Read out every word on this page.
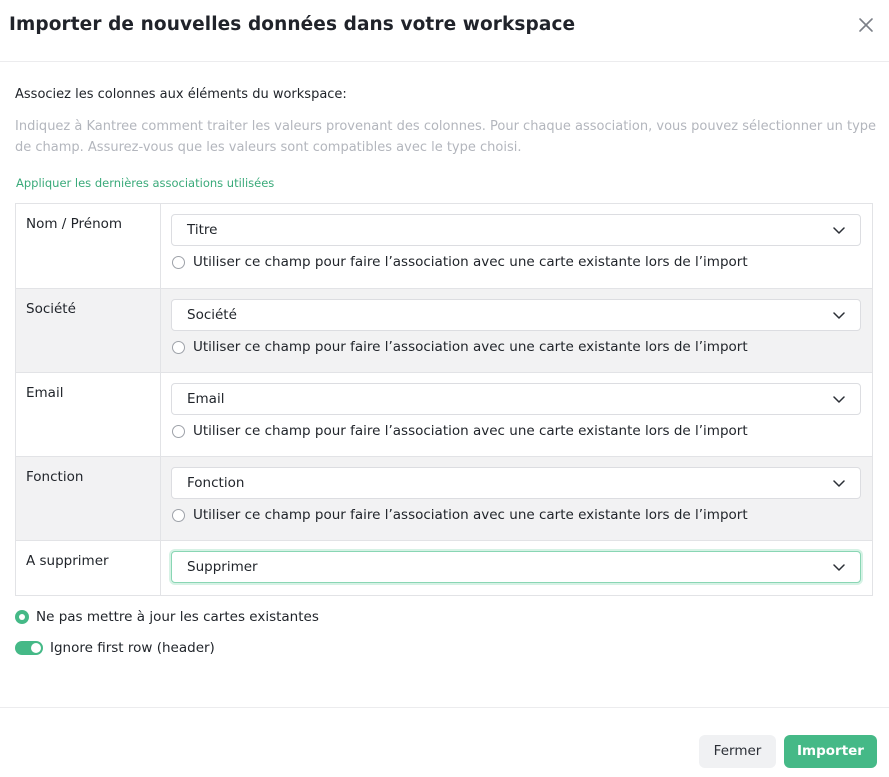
Importer de nouvelles données dans votre workspace
Associez les colonnes aux éléments du workspace:
Indiquez à Kantree comment traiter les valeurs provenant des colonnes. Pour chaque association, vous pouvez sélectionner un type de champ. Assurez-vous que les valeurs sont compatibles avec le type choisi.
Appliquer les dernières associations utilisées
Nom / Prénom	Titre
Utiliser ce champ pour faire l’association avec une carte existante lors de l’import
Société	Société
Utiliser ce champ pour faire l’association avec une carte existante lors de l’import
Email	Email
Utiliser ce champ pour faire l’association avec une carte existante lors de l’import
Fonction	Fonction
Utiliser ce champ pour faire l’association avec une carte existante lors de l’import
A supprimer	Supprimer
Ne pas mettre à jour les cartes existantes
Ignore first row (header)
Fermer	Importer
